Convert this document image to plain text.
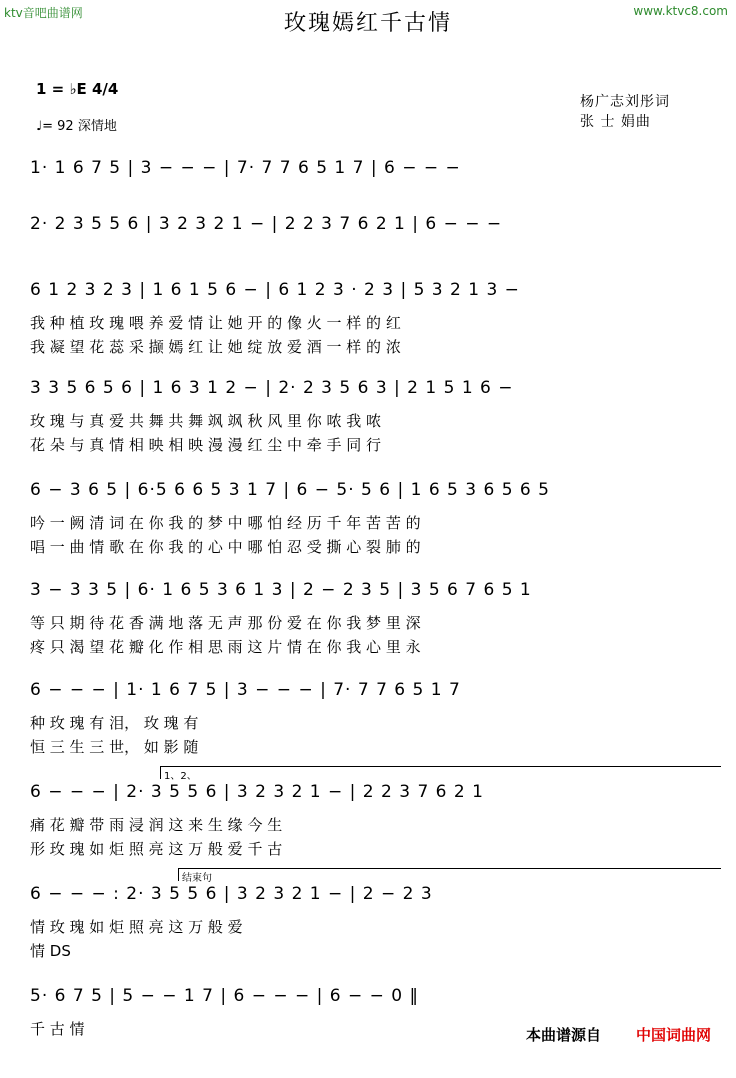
ktv音吧曲谱网	www.ktvc8.com
玫瑰嫣红千古情
1 = ♭E 4/4
♩= 92 深情地
杨广志刘彤词
张 士 娟曲
1· 1 6 7 5 | 3 − − − | 7· 7 7 6 5 1 7 | 6 − − −
2· 2 3 5 5 6 | 3 2 3 2 1 − | 2 2 3 7 6 2 1 | 6 − − −
6 1 2 3 2 3 | 1 6 1 5 6 − | 6 1 2 3 · 2 3 | 5 3 2 1 3 −
我 种 植 玫 瑰 喂 养 爱 情 让 她 开 的 像 火 一 样 的 红
我 凝 望 花 蕊 采 撷 嫣 红 让 她 绽 放 爱 酒 一 样 的 浓
3 3 5 6 5 6 | 1 6 3 1 2 − | 2· 2 3 5 6 3 | 2 1 5 1 6 −
玫 瑰 与 真 爱 共 舞 共 舞 飒 飒 秋 风 里 你 哝 我 哝
花 朵 与 真 情 相 映 相 映 漫 漫 红 尘 中 牵 手 同 行
6 − 3 6 5 | 6·5 6 6 5 3 1 7 | 6 − 5· 5 6 | 1 6 5 3 6 5 6 5
吟 一 阙 清 词 在 你 我 的 梦 中 哪 怕 经 历 千 年 苦 苦 的
唱 一 曲 情 歌 在 你 我 的 心 中 哪 怕 忍 受 撕 心 裂 肺 的
3 − 3 3 5 | 6· 1 6 5 3 6 1 3 | 2 − 2 3 5 | 3 5 6 7 6 5 1
等 只 期 待 花 香 满 地 落 无 声 那 份 爱 在 你 我 梦 里 深
疼 只 渴 望 花 瓣 化 作 相 思 雨 这 片 情 在 你 我 心 里 永
6 − − − | 1· 1 6 7 5 | 3 − − − | 7· 7 7 6 5 1 7
种 玫 瑰 有 泪， 玫 瑰 有
恒 三 生 三 世， 如 影 随
1、2、
6 − − − | 2· 3 5 5 6 | 3 2 3 2 1 − | 2 2 3 7 6 2 1
痛 花 瓣 带 雨 浸 润 这 来 生 缘 今 生
形 玫 瑰 如 炬 照 亮 这 万 般 爱 千 古
结束句
6 − − − : 2· 3 5 5 6 | 3 2 3 2 1 − | 2 − 2 3
情 玫 瑰 如 炬 照 亮 这 万 般 爱
情 DS
5· 6 7 5 | 5 − − 1 7 | 6 − − − | 6 − − 0 ‖
千 古 情	本曲谱源自 中国词曲网
